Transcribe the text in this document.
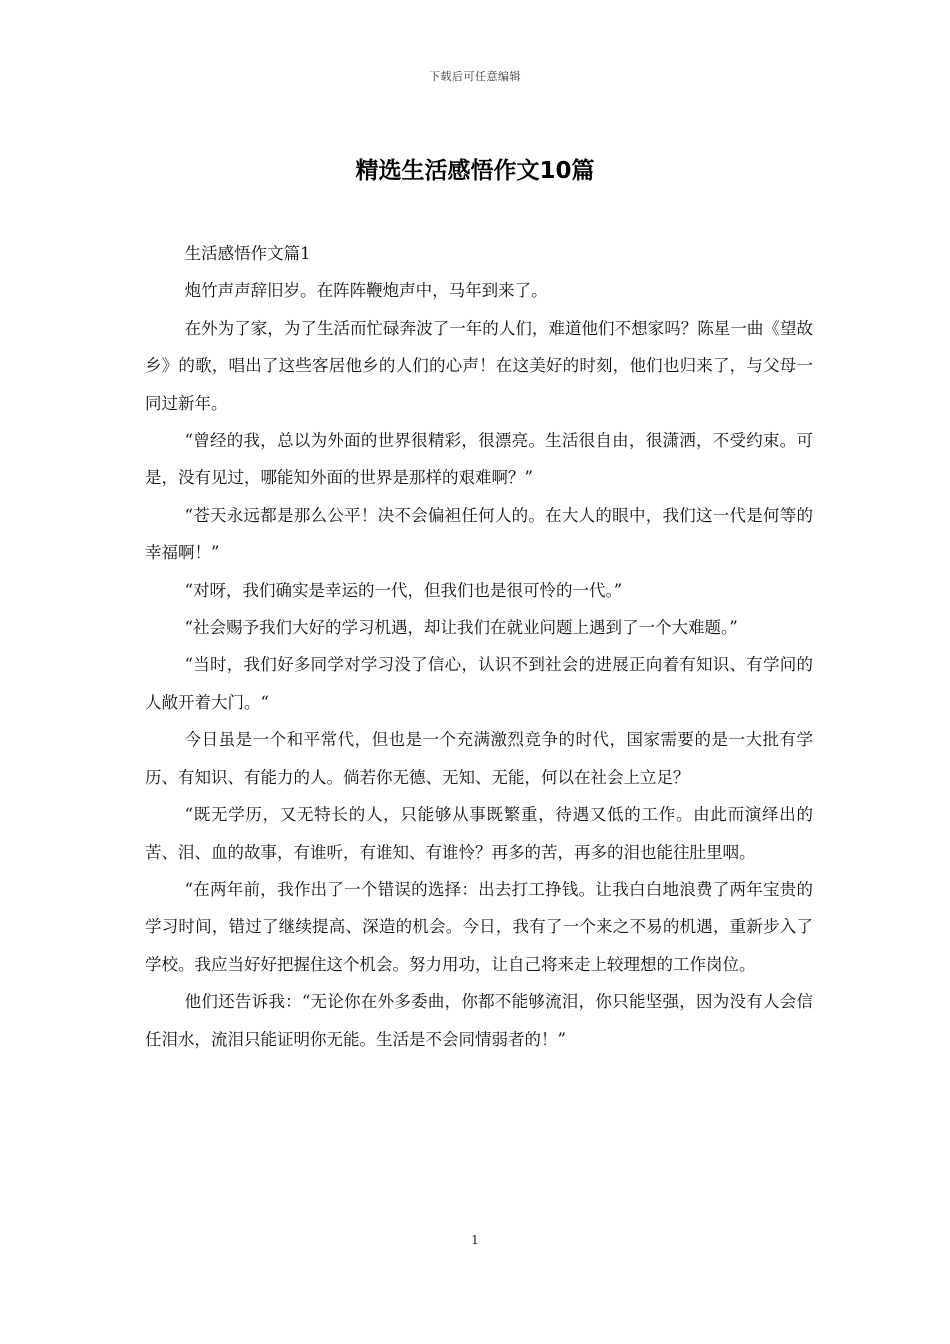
下载后可任意编辑
精选生活感悟作文10篇

生活感悟作文篇1

炮竹声声辞旧岁。在阵阵鞭炮声中，马年到来了。

在外为了家，为了生活而忙碌奔波了一年的人们，难道他们不想家吗？陈星一曲《望故乡》的歌，唱出了这些客居他乡的人们的心声！在这美好的时刻，他们也归来了，与父母一同过新年。

“曾经的我，总以为外面的世界很精彩，很漂亮。生活很自由，很潇洒，不受约束。可是，没有见过，哪能知外面的世界是那样的艰难啊？”

“苍天永远都是那么公平！决不会偏袒任何人的。在大人的眼中，我们这一代是何等的幸福啊！”

“对呀，我们确实是幸运的一代，但我们也是很可怜的一代。”

“社会赐予我们大好的学习机遇，却让我们在就业问题上遇到了一个大难题。”

“当时，我们好多同学对学习没了信心，认识不到社会的进展正向着有知识、有学问的人敞开着大门。“

今日虽是一个和平常代，但也是一个充满激烈竞争的时代，国家需要的是一大批有学历、有知识、有能力的人。倘若你无德、无知、无能，何以在社会上立足？

“既无学历，又无特长的人，只能够从事既繁重，待遇又低的工作。由此而演绎出的苦、泪、血的故事，有谁听，有谁知、有谁怜？再多的苦，再多的泪也能往肚里咽。

“在两年前，我作出了一个错误的选择：出去打工挣钱。让我白白地浪费了两年宝贵的学习时间，错过了继续提高、深造的机会。今日，我有了一个来之不易的机遇，重新步入了学校。我应当好好把握住这个机会。努力用功，让自己将来走上较理想的工作岗位。

他们还告诉我：“无论你在外多委曲，你都不能够流泪，你只能坚强，因为没有人会信任泪水，流泪只能证明你无能。生活是不会同情弱者的！”

1
